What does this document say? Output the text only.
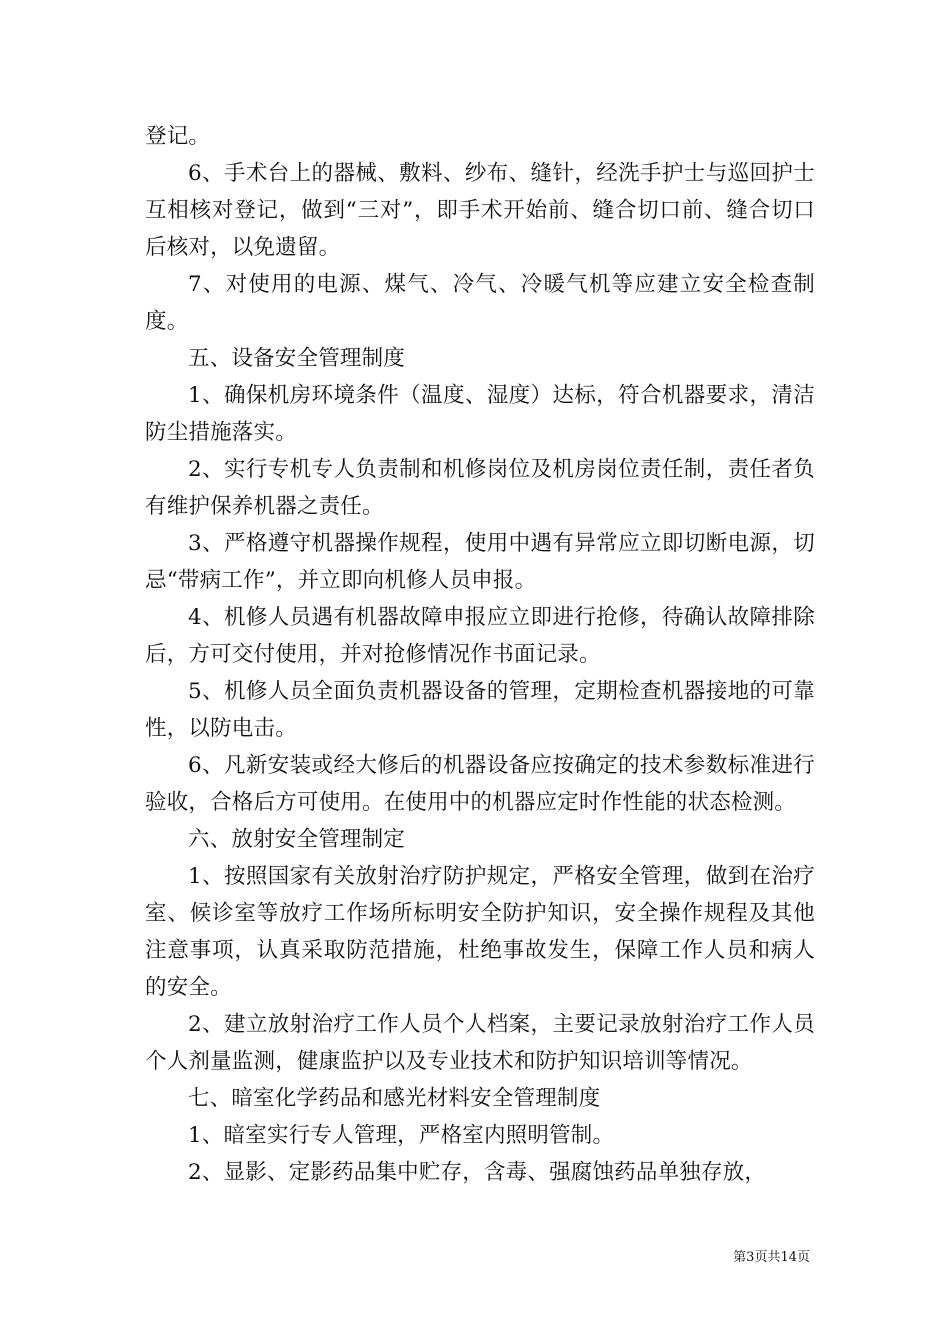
登记。

6、手术台上的器械、敷料、纱布、缝针，经洗手护士与巡回护士互相核对登记，做到“三对”，即手术开始前、缝合切口前、缝合切口后核对，以免遗留。

7、对使用的电源、煤气、冷气、冷暖气机等应建立安全检查制度。

五、设备安全管理制度

1、确保机房环境条件（温度、湿度）达标，符合机器要求，清洁防尘措施落实。

2、实行专机专人负责制和机修岗位及机房岗位责任制，责任者负有维护保养机器之责任。

3、严格遵守机器操作规程，使用中遇有异常应立即切断电源，切忌“带病工作”，并立即向机修人员申报。

4、机修人员遇有机器故障申报应立即进行抢修，待确认故障排除后，方可交付使用，并对抢修情况作书面记录。

5、机修人员全面负责机器设备的管理，定期检查机器接地的可靠性，以防电击。

6、凡新安装或经大修后的机器设备应按确定的技术参数标准进行验收，合格后方可使用。在使用中的机器应定时作性能的状态检测。

六、放射安全管理制定

1、按照国家有关放射治疗防护规定，严格安全管理，做到在治疗室、候诊室等放疗工作场所标明安全防护知识，安全操作规程及其他注意事项，认真采取防范措施，杜绝事故发生，保障工作人员和病人的安全。

2、建立放射治疗工作人员个人档案，主要记录放射治疗工作人员个人剂量监测，健康监护以及专业技术和防护知识培训等情况。

七、暗室化学药品和感光材料安全管理制度

1、暗室实行专人管理，严格室内照明管制。

2、显影、定影药品集中贮存，含毒、强腐蚀药品单独存放，

第3页共14页
